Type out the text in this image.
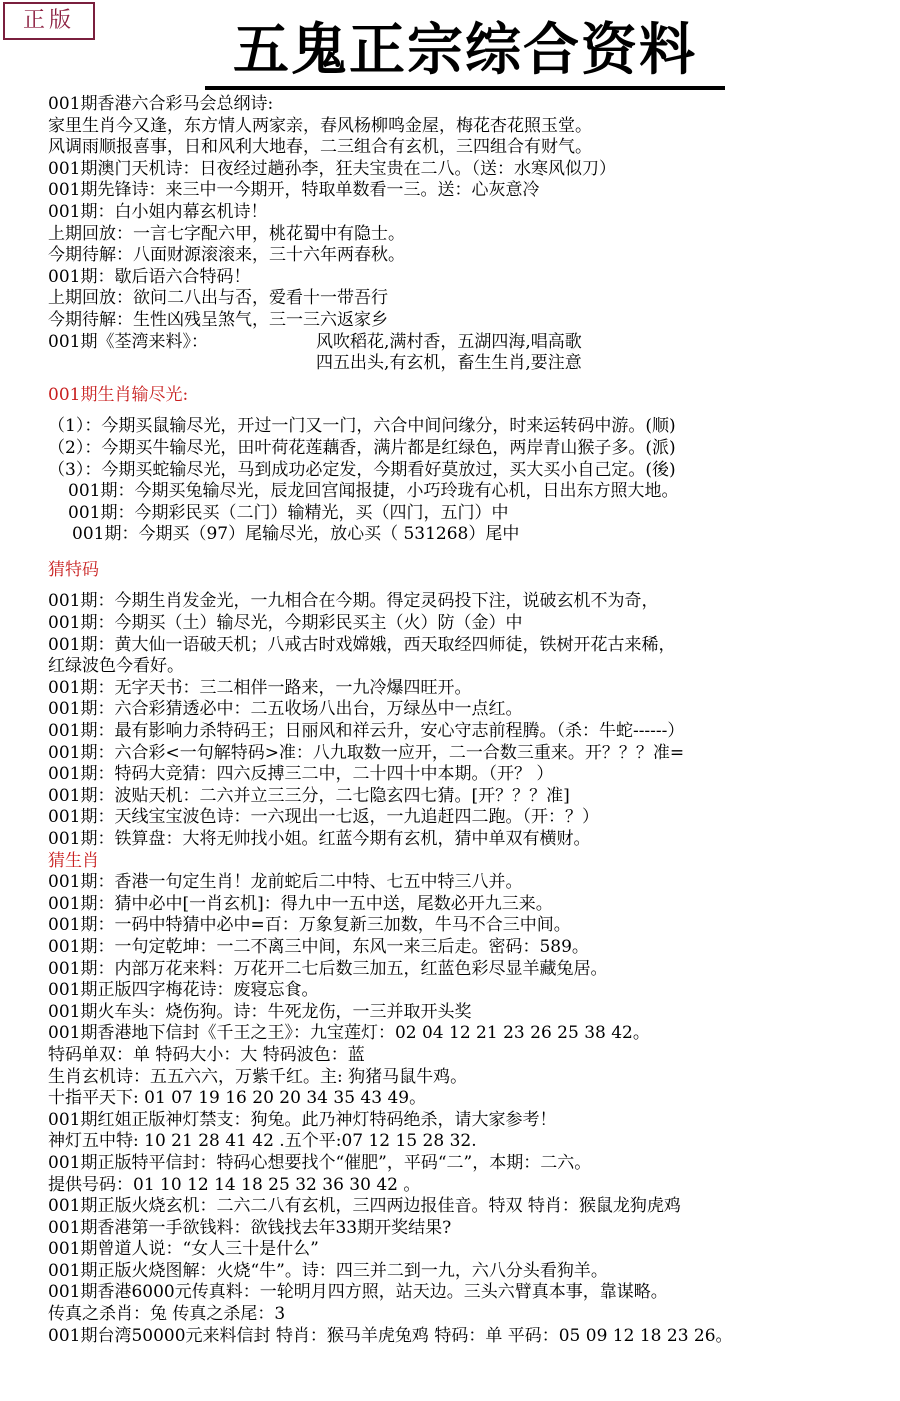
正版	五鬼正宗综合资料
001期香港六合彩马会总纲诗:
家里生肖今又逢，东方情人两家亲，春风杨柳鸣金屋，梅花杏花照玉堂。
风调雨顺报喜事，日和风利大地春，二三组合有玄机，三四组合有财气。
001期澳门天机诗：日夜经过趟孙李，狂夫宝贵在二八。（送：水寒风似刀）
001期先锋诗：来三中一今期开，特取单数看一三。送：心灰意冷
001期：白小姐内幕玄机诗！
上期回放：一言七字配六甲，桃花蜀中有隐士。
今期待解：八面财源滚滚来，三十六年两春秋。
001期：歇后语六合特码！
上期回放：欲问二八出与否，爱看十一带吾行
今期待解：生性凶残呈煞气，三一三六返家乡
001期《荃湾来料》：	风吹稻花,满村香，五湖四海,唱高歌
四五出头,有玄机，畜生生肖,要注意
001期生肖输尽光:
（1）：今期买鼠输尽光，开过一门又一门，六合中间问缘分，时来运转码中游。(顺)
（2）：今期买牛输尽光，田叶荷花莲藕香，满片都是红绿色，两岸青山猴子多。(派)
（3）：今期买蛇输尽光，马到成功必定发，今期看好莫放过，买大买小自己定。(後)
001期：今期买兔输尽光，辰龙回宫闻报捷，小巧玲珑有心机，日出东方照大地。
001期：今期彩民买（二门）输精光，买（四门，五门）中
001期：今期买（97）尾输尽光，放心买（ 531268）尾中
猜特码
001期：今期生肖发金光，一九相合在今期。得定灵码投下注，说破玄机不为奇，
001期：今期买（土）输尽光，今期彩民买主（火）防（金）中
001期：黄大仙一语破天机；八戒古时戏嫦娥，西天取经四师徒，铁树开花古来稀，
红绿波色今看好。
001期：无字天书：三二相伴一路来，一九冷爆四旺开。
001期：六合彩猜透必中：二五收场八出台，万绿丛中一点红。
001期：最有影响力杀特码王；日丽风和祥云升，安心守志前程腾。（杀：牛蛇------）
001期：六合彩<一句解特码>准：八九取数一应开，二一合数三重来。开？？？准=
001期：特码大竞猜：四六反搏三二中，二十四十中本期。（开？ ）
001期：波贴天机：二六并立三三分，二七隐玄四七猜。[开？？？准]
001期：天线宝宝波色诗：一六现出一七返，一九追赶四二跑。（开：？）
001期：铁算盘：大将无帅找小姐。红蓝今期有玄机，猜中单双有横财。
猜生肖
001期：香港一句定生肖！龙前蛇后二中特、七五中特三八并。
001期：猜中必中[一肖玄机]：得九中一五中送，尾数必开九三来。
001期：一码中特猜中必中=百：万象复新三加数，牛马不合三中间。
001期：一句定乾坤：一二不离三中间，东风一来三后走。密码：589。
001期：内部万花来料：万花开二七后数三加五，红蓝色彩尽显羊藏兔居。
001期正版四字梅花诗：废寝忘食。
001期火车头：烧伤狗。诗：牛死龙伤，一三并取开头奖
001期香港地下信封《千王之王》：九宝莲灯：02 04 12 21 23 26 25 38 42。
特码单双：单 特码大小：大 特码波色：蓝
生肖玄机诗：五五六六，万紫千红。主: 狗猪马鼠牛鸡。
十指平天下: 01 07 19 16 20 20 34 35 43 49。
001期红姐正版神灯禁支：狗兔。此乃神灯特码绝杀，请大家参考！
神灯五中特: 10 21 28 41 42 .五个平:07 12 15 28 32.
001期正版特平信封：特码心想要找个“催肥”，平码“二”，本期：二六。
提供号码：01 10 12 14 18 25 32 36 30 42 。
001期正版火烧玄机：二六二八有玄机，三四两边报佳音。特双 特肖：猴鼠龙狗虎鸡
001期香港第一手欲钱料：欲钱找去年33期开奖结果?
001期曾道人说：“女人三十是什么”
001期正版火烧图解：火烧“牛”。诗：四三并二到一九，六八分头看狗羊。
001期香港6000元传真料：一轮明月四方照，站天边。三头六臂真本事，靠谋略。
传真之杀肖：兔 传真之杀尾：3
001期台湾50000元来料信封 特肖：猴马羊虎兔鸡 特码：单 平码：05 09 12 18 23 26。
